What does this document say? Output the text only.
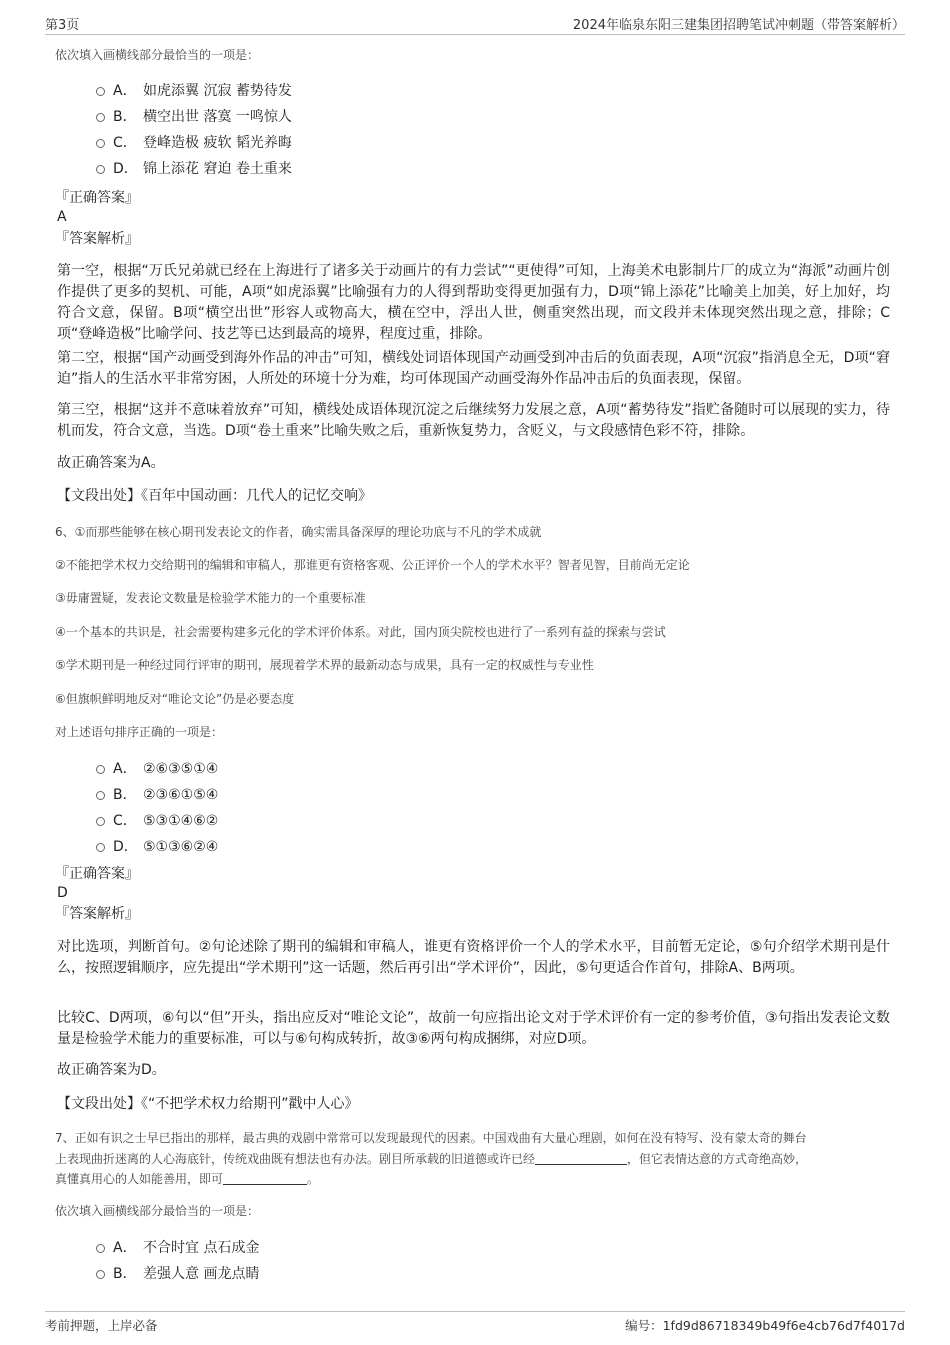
第3页	2024年临泉东阳三建集团招聘笔试冲刺题（带答案解析）
依次填入画横线部分最恰当的一项是：
A． 如虎添翼 沉寂 蓄势待发
B． 横空出世 落寞 一鸣惊人
C． 登峰造极 疲软 韬光养晦
D． 锦上添花 窘迫 卷土重来
『正确答案』
A
『答案解析』

第一空，根据“万氏兄弟就已经在上海进行了诸多关于动画片的有力尝试”“更使得”可知，上海美术电影制片厂的成立为“海派”动画片创作提供了更多的契机、可能，A项“如虎添翼”比喻强有力的人得到帮助变得更加强有力，D项“锦上添花”比喻美上加美，好上加好，均符合文意，保留。B项“横空出世”形容人或物高大，横在空中，浮出人世，侧重突然出现，而文段并未体现突然出现之意，排除；C项“登峰造极”比喻学问、技艺等已达到最高的境界，程度过重，排除。

第二空，根据“国产动画受到海外作品的冲击”可知，横线处词语体现国产动画受到冲击后的负面表现，A项“沉寂”指消息全无，D项“窘迫”指人的生活水平非常穷困，人所处的环境十分为难，均可体现国产动画受海外作品冲击后的负面表现，保留。

第三空，根据“这并不意味着放弃”可知，横线处成语体现沉淀之后继续努力发展之意，A项“蓄势待发”指贮备随时可以展现的实力，待机而发，符合文意，当选。D项“卷土重来”比喻失败之后，重新恢复势力，含贬义，与文段感情色彩不符，排除。

故正确答案为A。

【文段出处】《百年中国动画：几代人的记忆交响》
6、①而那些能够在核心期刊发表论文的作者，确实需具备深厚的理论功底与不凡的学术成就
②不能把学术权力交给期刊的编辑和审稿人，那谁更有资格客观、公正评价一个人的学术水平？智者见智，目前尚无定论
③毋庸置疑，发表论文数量是检验学术能力的一个重要标准
④一个基本的共识是，社会需要构建多元化的学术评价体系。对此，国内顶尖院校也进行了一系列有益的探索与尝试
⑤学术期刊是一种经过同行评审的期刊，展现着学术界的最新动态与成果，具有一定的权威性与专业性
⑥但旗帜鲜明地反对“唯论文论”仍是必要态度
对上述语句排序正确的一项是：
A． ②⑥③⑤①④
B． ②③⑥①⑤④
C． ⑤③①④⑥②
D． ⑤①③⑥②④
『正确答案』
D
『答案解析』

对比选项，判断首句。②句论述除了期刊的编辑和审稿人，谁更有资格评价一个人的学术水平，目前暂无定论，⑤句介绍学术期刊是什么，按照逻辑顺序，应先提出“学术期刊”这一话题，然后再引出“学术评价”，因此，⑤句更适合作首句，排除A、B两项。

比较C、D两项，⑥句以“但”开头，指出应反对“唯论文论”，故前一句应指出论文对于学术评价有一定的参考价值，③句指出发表论文数量是检验学术能力的重要标准，可以与⑥句构成转折，故③⑥两句构成捆绑，对应D项。

故正确答案为D。

【文段出处】《“不把学术权力给期刊”戳中人心》
7、正如有识之士早已指出的那样，最古典的戏剧中常常可以发现最现代的因素。中国戏曲有大量心理剧，如何在没有特写、没有蒙太奇的舞台
上表现曲折迷离的人心海底针，传统戏曲既有想法也有办法。剧目所承载的旧道德或许已经	，但它表情达意的方式奇绝高妙，
真懂真用心的人如能善用，即可	。
依次填入画横线部分最恰当的一项是：
A． 不合时宜 点石成金
B． 差强人意 画龙点睛
考前押题，上岸必备	编号：1fd9d86718349b49f6e4cb76d7f4017d
